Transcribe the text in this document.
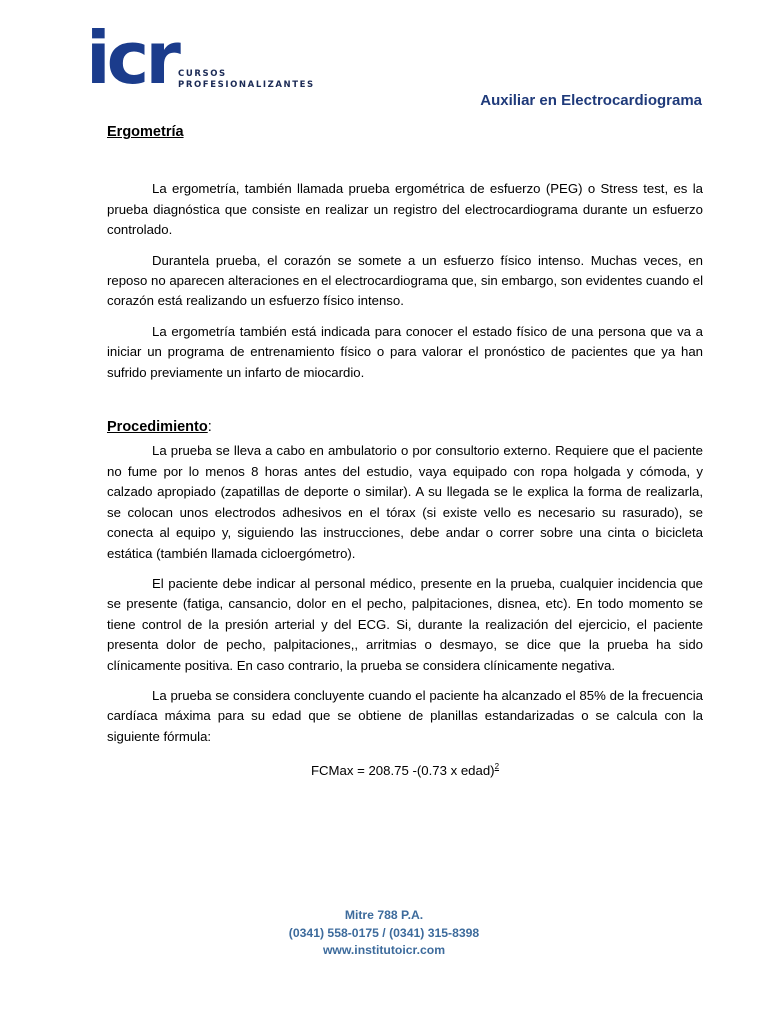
icr CURSOS
PROFESIONALIZANTES
Auxiliar en Electrocardiograma
Ergometría

La ergometría, también llamada prueba ergométrica de esfuerzo (PEG) o Stress test, es la prueba diagnóstica que consiste en realizar un registro del electrocardiograma durante un esfuerzo controlado.

Durantela prueba, el corazón se somete a un esfuerzo físico intenso. Muchas veces, en reposo no aparecen alteraciones en el electrocardiograma que, sin embargo, son evidentes cuando el corazón está realizando un esfuerzo físico intenso.

La ergometría también está indicada para conocer el estado físico de una persona que va a iniciar un programa de entrenamiento físico o para valorar el pronóstico de pacientes que ya han sufrido previamente un infarto de miocardio.

Procedimiento:

La prueba se lleva a cabo en ambulatorio o por consultorio externo. Requiere que el paciente no fume por lo menos 8 horas antes del estudio, vaya equipado con ropa holgada y cómoda, y calzado apropiado (zapatillas de deporte o similar). A su llegada se le explica la forma de realizarla, se colocan unos electrodos adhesivos en el tórax (si existe vello es necesario su rasurado), se conecta al equipo y, siguiendo las instrucciones, debe andar o correr sobre una cinta o bicicleta estática (también llamada cicloergómetro).

El paciente debe indicar al personal médico, presente en la prueba, cualquier incidencia que se presente (fatiga, cansancio, dolor en el pecho, palpitaciones, disnea, etc). En todo momento se tiene control de la presión arterial y del ECG. Si, durante la realización del ejercicio, el paciente presenta dolor de pecho, palpitaciones,, arritmias o desmayo, se dice que la prueba ha sido clínicamente positiva. En caso contrario, la prueba se considera clínicamente negativa.

La prueba se considera concluyente cuando el paciente ha alcanzado el 85% de la frecuencia cardíaca máxima para su edad que se obtiene de planillas estandarizadas o se calcula con la siguiente fórmula:

FCMax = 208.75 -(0.73 x edad)$^2$
Mitre 788 P.A.
(0341) 558-0175 / (0341) 315-8398
www.institutoicr.com
